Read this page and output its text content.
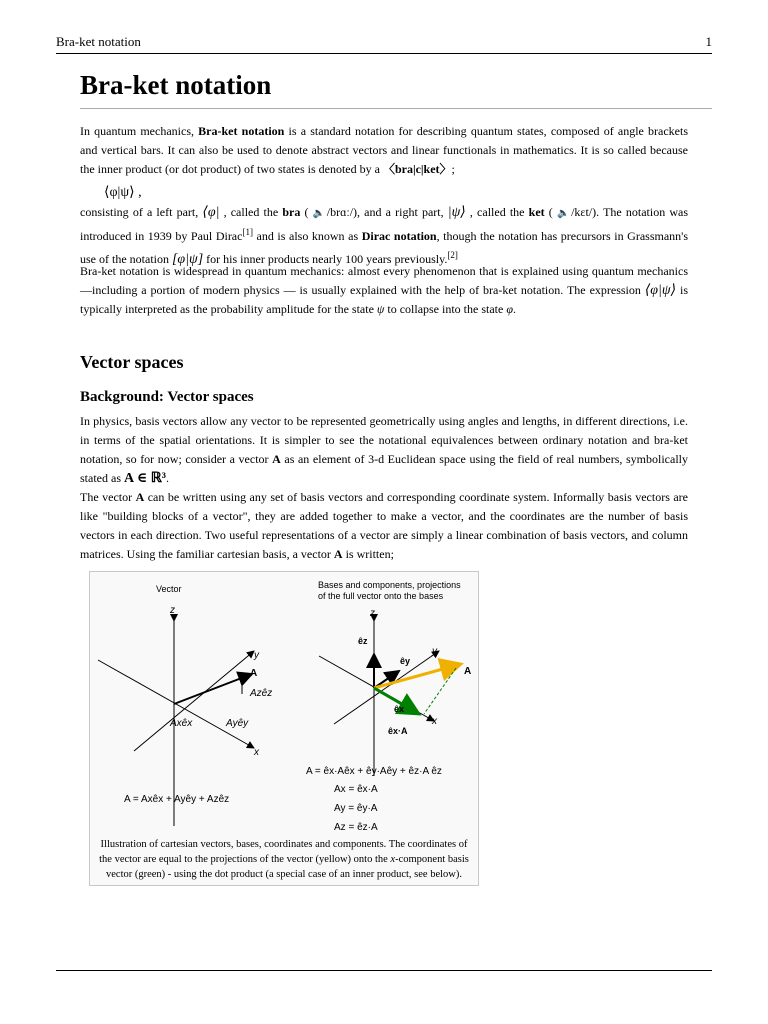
Bra-ket notation	1
Bra-ket notation

In quantum mechanics, Bra-ket notation is a standard notation for describing quantum states, composed of angle brackets and vertical bars. It can also be used to denote abstract vectors and linear functionals in mathematics. It is so called because the inner product (or dot product) of two states is denoted by a 〈bra|c|ket〉;

⟨φ|ψ⟩ ,

consisting of a left part, ⟨φ| , called the bra ( 🔈 /brɑː/), and a right part, |ψ⟩ , called the ket ( 🔈 /kɛt/). The notation was introduced in 1939 by Paul Dirac[1] and is also known as Dirac notation, though the notation has precursors in Grassmann's use of the notation [φ|ψ] for his inner products nearly 100 years previously.[2]

Bra-ket notation is widespread in quantum mechanics: almost every phenomenon that is explained using quantum mechanics—including a portion of modern physics — is usually explained with the help of bra-ket notation. The expression ⟨φ|ψ⟩ is typically interpreted as the probability amplitude for the state ψ to collapse into the state φ.

Vector spaces
Background: Vector spaces

In physics, basis vectors allow any vector to be represented geometrically using angles and lengths, in different directions, i.e. in terms of the spatial orientations. It is simpler to see the notational equivalences between ordinary notation and bra-ket notation, so for now; consider a vector A as an element of 3-d Euclidean space using the field of real numbers, symbolically stated as A ∈ ℝ³.

The vector A can be written using any set of basis vectors and corresponding coordinate system. Informally basis vectors are like "building blocks of a vector", they are added together to make a vector, and the coordinates are the number of basis vectors in each direction. Two useful representations of a vector are simply a linear combination of basis vectors, and column matrices. Using the familiar cartesian basis, a vector A is written;

Vector	Bases and components, projections
of the full vector onto the bases
z
y
x
A
Azêz
Axêx	Ayêy
z
êz
êy
y
A
êx
x
êx·A
A = êx·Aêx + êy·Aêy + êz·A êz
A = Axêx + Ayêy + Azêz
Ax = êx·A
Ay = êy·A
Az = êz·A
Illustration of cartesian vectors, bases, coordinates and components. The coordinates of the vector are equal to the projections of the vector (yellow) onto the x-component basis vector (green) - using the dot product (a special case of an inner product, see below).
